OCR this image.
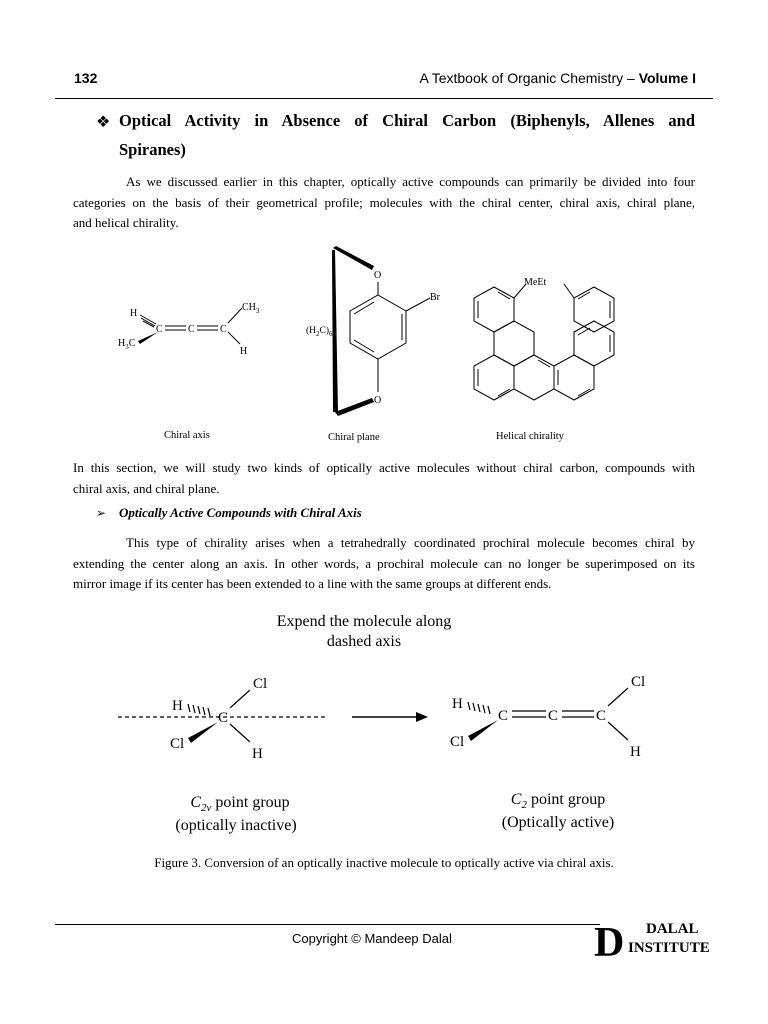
132	A Textbook of Organic Chemistry – Volume I
❖ Optical Activity in Absence of Chiral Carbon (Biphenyls, Allenes and
Spiranes)
As we discussed earlier in this chapter, optically active compounds can primarily be divided into four
categories on the basis of their geometrical profile; molecules with the chiral center, chiral axis, chiral plane,
and helical chirality.
H
$H_3C$
C	C	C
$CH_3$
H
Chiral axis
O
Br
O
$(H_2C)_6$
Chiral plane
MeEt
Helical chirality
In this section, we will study two kinds of optically active molecules without chiral carbon, compounds with
chiral axis, and chiral plane.
➢ Optically Active Compounds with Chiral Axis
This type of chirality arises when a tetrahedrally coordinated prochiral molecule becomes chiral by
extending the center along an axis. In other words, a prochiral molecule can no longer be superimposed on its
mirror image if its center has been extended to a line with the same groups at different ends.
Expend the molecule along
dashed axis
H
C
Cl
Cl
H
$C_{2v}$ point group
(optically inactive)
H
C	C	C
Cl
Cl
H
$C_2$ point group
(Optically active)
Figure 3. Conversion of an optically inactive molecule to optically active via chiral axis.
Copyright © Mandeep Dalal	D DALAL
INSTITUTE
